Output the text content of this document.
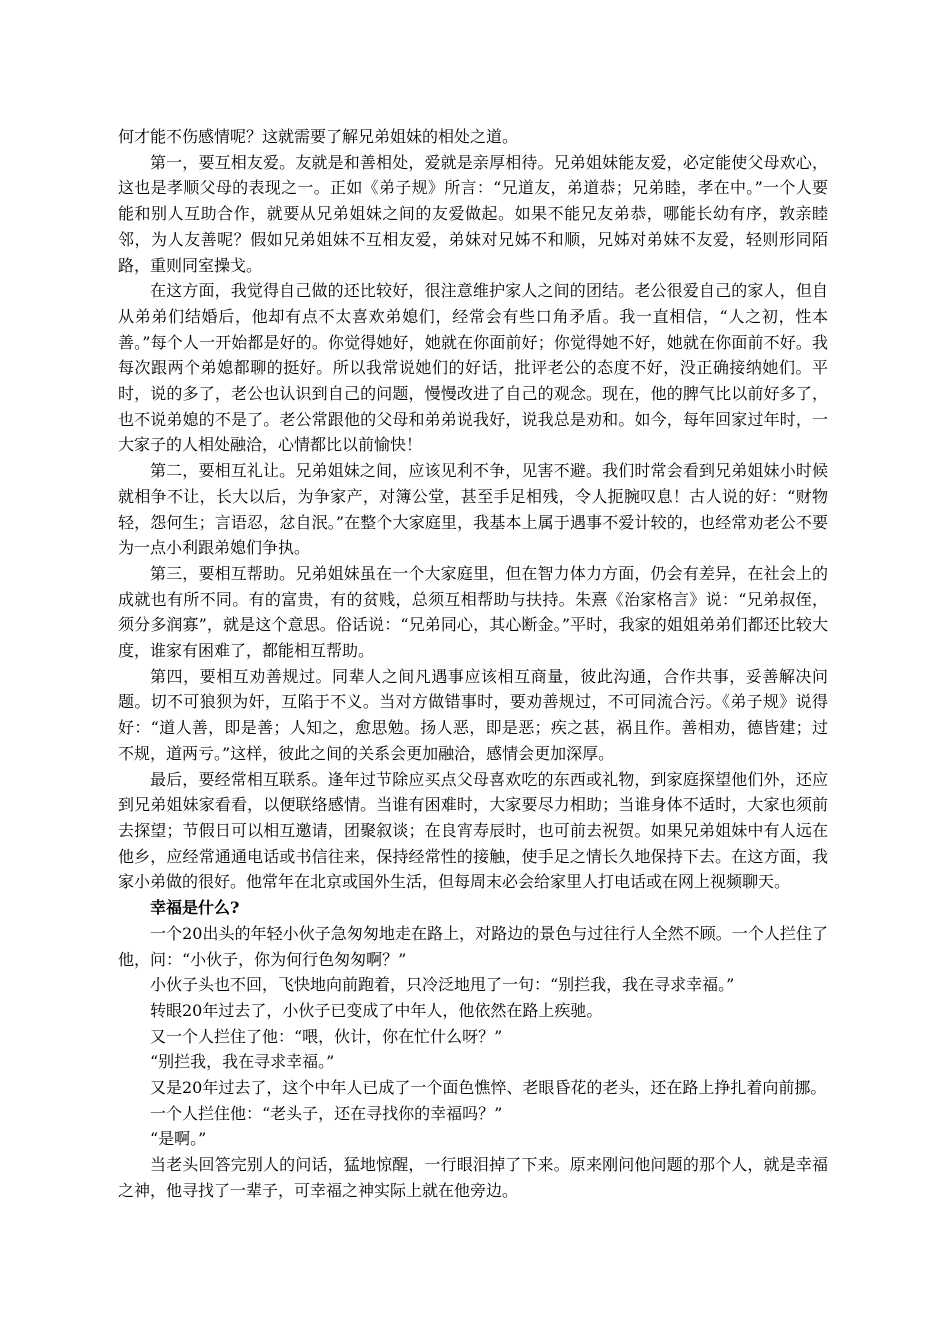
何才能不伤感情呢？这就需要了解兄弟姐妹的相处之道。

第一，要互相友爱。友就是和善相处，爱就是亲厚相待。兄弟姐妹能友爱，必定能使父母欢心，这也是孝顺父母的表现之一。正如《弟子规》所言：“兄道友，弟道恭；兄弟睦，孝在中。”一个人要能和别人互助合作，就要从兄弟姐妹之间的友爱做起。如果不能兄友弟恭，哪能长幼有序，敦亲睦邻，为人友善呢？假如兄弟姐妹不互相友爱，弟妹对兄姊不和顺，兄姊对弟妹不友爱，轻则形同陌路，重则同室操戈。

在这方面，我觉得自己做的还比较好，很注意维护家人之间的团结。老公很爱自己的家人，但自从弟弟们结婚后，他却有点不太喜欢弟媳们，经常会有些口角矛盾。我一直相信，“人之初，性本善。”每个人一开始都是好的。你觉得她好，她就在你面前好；你觉得她不好，她就在你面前不好。我每次跟两个弟媳都聊的挺好。所以我常说她们的好话，批评老公的态度不好，没正确接纳她们。平时，说的多了，老公也认识到自己的问题，慢慢改进了自己的观念。现在，他的脾气比以前好多了，也不说弟媳的不是了。老公常跟他的父母和弟弟说我好，说我总是劝和。如今，每年回家过年时，一大家子的人相处融洽，心情都比以前愉快！

第二，要相互礼让。兄弟姐妹之间，应该见利不争，见害不避。我们时常会看到兄弟姐妹小时候就相争不让，长大以后，为争家产，对簿公堂，甚至手足相残，令人扼腕叹息！古人说的好：“财物轻，怨何生；言语忍，忿自泯。”在整个大家庭里，我基本上属于遇事不爱计较的，也经常劝老公不要为一点小利跟弟媳们争执。

第三，要相互帮助。兄弟姐妹虽在一个大家庭里，但在智力体力方面，仍会有差异，在社会上的成就也有所不同。有的富贵，有的贫贱，总须互相帮助与扶持。朱熹《治家格言》说：“兄弟叔侄，须分多润寡”，就是这个意思。俗话说：“兄弟同心，其心断金。”平时，我家的姐姐弟弟们都还比较大度，谁家有困难了，都能相互帮助。

第四，要相互劝善规过。同辈人之间凡遇事应该相互商量，彼此沟通，合作共事，妥善解决问题。切不可狼狈为奸，互陷于不义。当对方做错事时，要劝善规过，不可同流合污。《弟子规》说得好：“道人善，即是善；人知之，愈思勉。扬人恶，即是恶；疾之甚，祸且作。善相劝，德皆建；过不规，道两亏。”这样，彼此之间的关系会更加融洽，感情会更加深厚。

最后，要经常相互联系。逢年过节除应买点父母喜欢吃的东西或礼物，到家庭探望他们外，还应到兄弟姐妹家看看，以便联络感情。当谁有困难时，大家要尽力相助；当谁身体不适时，大家也须前去探望；节假日可以相互邀请，团聚叙谈；在良宵寿辰时，也可前去祝贺。如果兄弟姐妹中有人远在他乡，应经常通通电话或书信往来，保持经常性的接触，使手足之情长久地保持下去。在这方面，我家小弟做的很好。他常年在北京或国外生活，但每周末必会给家里人打电话或在网上视频聊天。

幸福是什么?

一个20出头的年轻小伙子急匆匆地走在路上，对路边的景色与过往行人全然不顾。一个人拦住了他，问：“小伙子，你为何行色匆匆啊？”

小伙子头也不回，飞快地向前跑着，只冷泛地甩了一句：“别拦我，我在寻求幸福。”

转眼20年过去了，小伙子已变成了中年人，他依然在路上疾驰。

又一个人拦住了他：“喂，伙计，你在忙什么呀？”

“别拦我，我在寻求幸福。”

又是20年过去了，这个中年人已成了一个面色憔悴、老眼昏花的老头，还在路上挣扎着向前挪。

一个人拦住他：“老头子，还在寻找你的幸福吗？”

“是啊。”

当老头回答完别人的问话，猛地惊醒，一行眼泪掉了下来。原来刚问他问题的那个人，就是幸福之神，他寻找了一辈子，可幸福之神实际上就在他旁边。
